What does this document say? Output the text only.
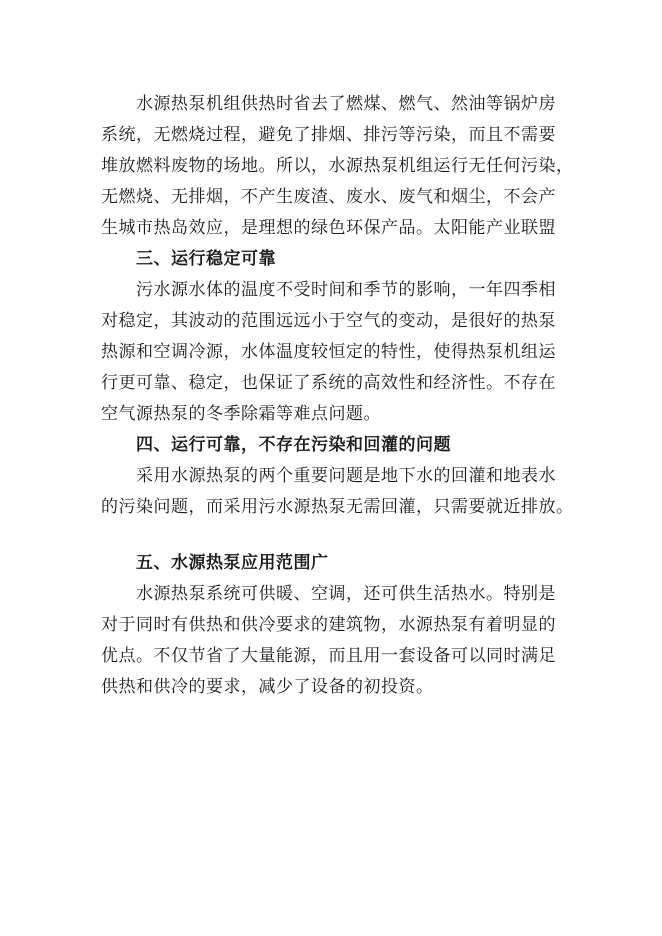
水源热泵机组供热时省去了燃煤、燃气、然油等锅炉房
系统，无燃烧过程，避免了排烟、排污等污染，而且不需要
堆放燃料废物的场地。所以，水源热泵机组运行无任何污染，
无燃烧、无排烟，不产生废渣、废水、废气和烟尘，不会产
生城市热岛效应，是理想的绿色环保产品。太阳能产业联盟
三、运行稳定可靠
污水源水体的温度不受时间和季节的影响，一年四季相
对稳定，其波动的范围远远小于空气的变动，是很好的热泵
热源和空调冷源，水体温度较恒定的特性，使得热泵机组运
行更可靠、稳定，也保证了系统的高效性和经济性。不存在
空气源热泵的冬季除霜等难点问题。
四、运行可靠，不存在污染和回灌的问题
采用水源热泵的两个重要问题是地下水的回灌和地表水
的污染问题，而采用污水源热泵无需回灌，只需要就近排放。
五、水源热泵应用范围广
水源热泵系统可供暖、空调，还可供生活热水。特别是
对于同时有供热和供冷要求的建筑物，水源热泵有着明显的
优点。不仅节省了大量能源，而且用一套设备可以同时满足
供热和供冷的要求，减少了设备的初投资。
